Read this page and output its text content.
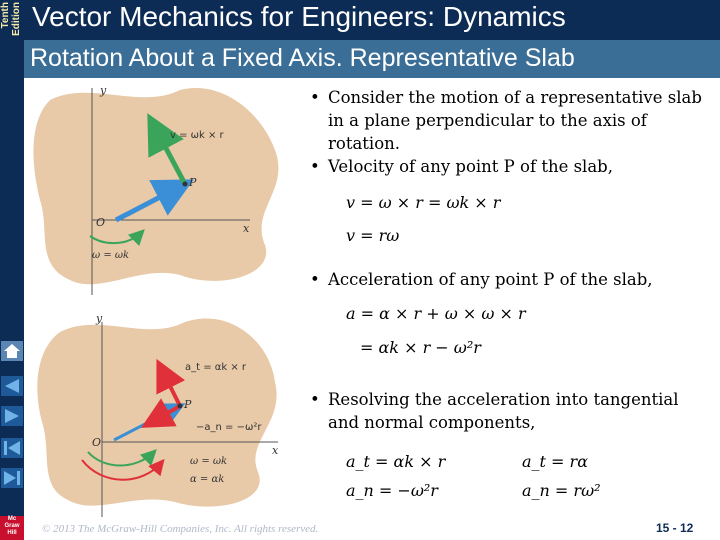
Tenth Edition
Mc
Graw
Hill
Vector Mechanics for Engineers: Dynamics
Rotation About a Fixed Axis. Representative Slab
y
x
P
v = ωk × r
O
ω = ωk
y
x
P
a_t = αk × r
−a_n = −ω²r
O
ω = ωk
α = αk
• Consider the motion of a representative slab in a plane perpendicular to the axis of rotation.
• Velocity of any point P of the slab,
• Acceleration of any point P of the slab,
• Resolving the acceleration into tangential and normal components,
v = ω × r = ωk × r
v = rω
a = α × r + ω × ω × r
= αk × r − ω²r
a_t = αk × r
a_n = −ω²r
a_t = rα
a_n = rω²
© 2013 The McGraw-Hill Companies, Inc. All rights reserved.	15 - 12
